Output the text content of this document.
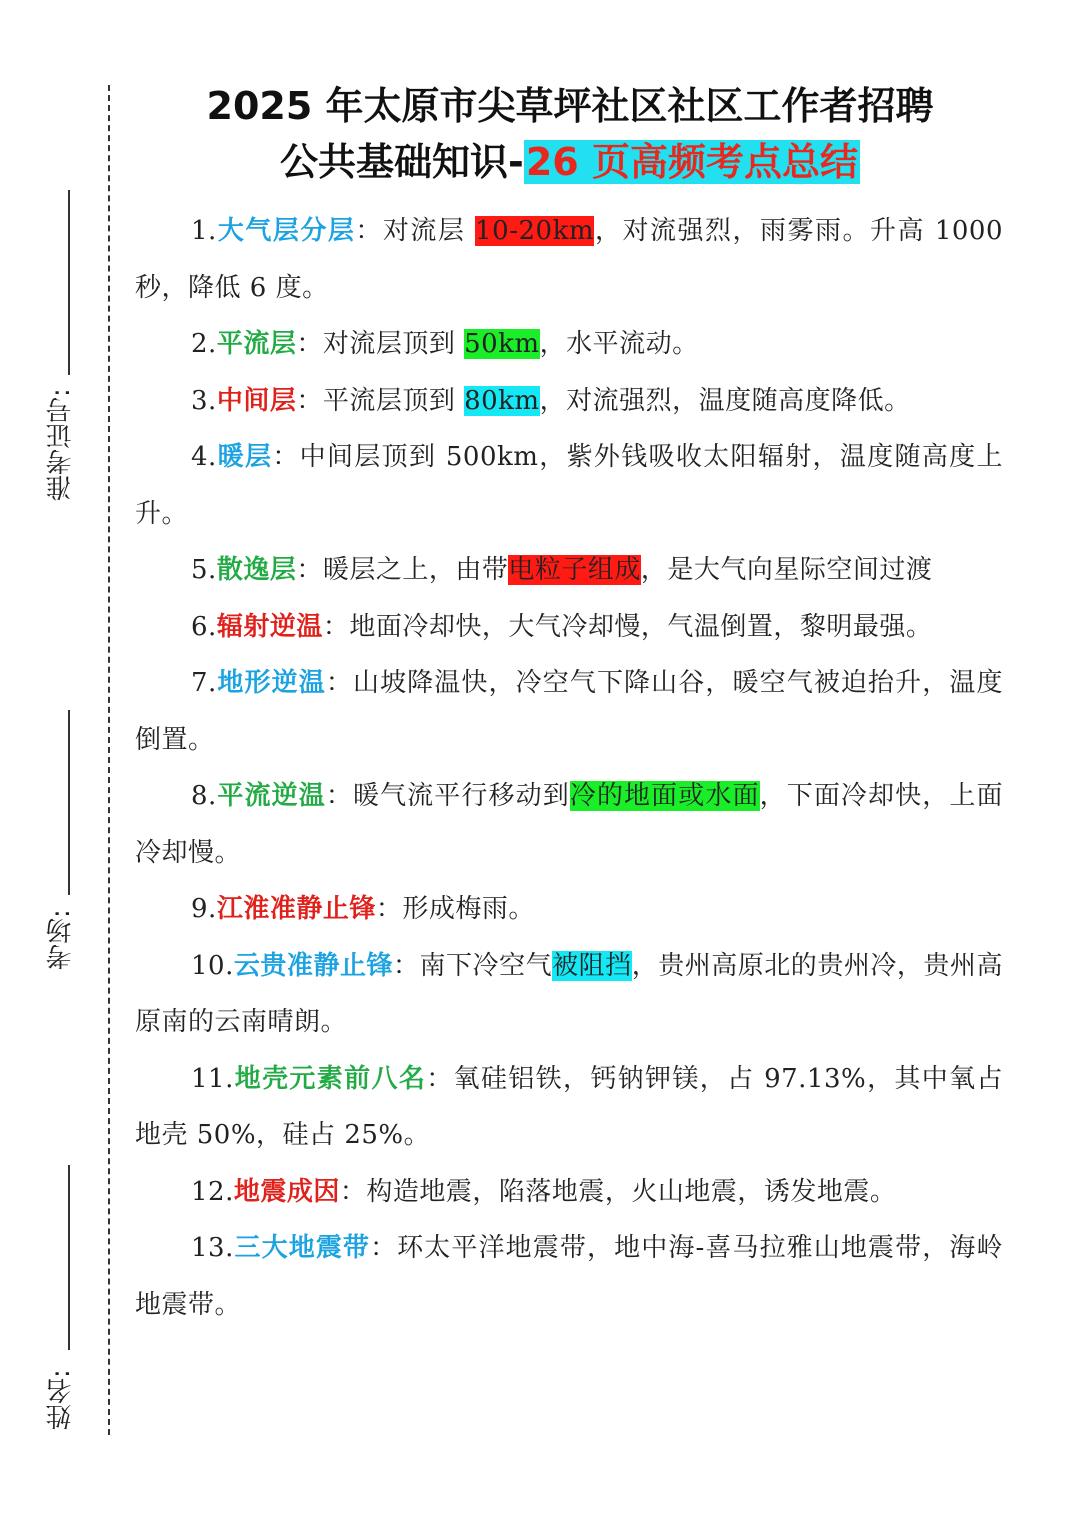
准考证号:
考场:
姓名:
2025 年太原市尖草坪社区社区工作者招聘
公共基础知识-26 页高频考点总结

1.大气层分层：对流层 10-20km，对流强烈，雨雾雨。升高 1000 秒，降低 6 度。

2.平流层：对流层顶到 50km，水平流动。

3.中间层：平流层顶到 80km，对流强烈，温度随高度降低。

4.暖层：中间层顶到 500km，紫外钱吸收太阳辐射，温度随高度上升。

5.散逸层：暖层之上，由带电粒子组成，是大气向星际空间过渡

6.辐射逆温：地面冷却快，大气冷却慢，气温倒置，黎明最强。

7.地形逆温：山坡降温快，冷空气下降山谷，暖空气被迫抬升，温度倒置。

8.平流逆温：暖气流平行移动到冷的地面或水面，下面冷却快，上面冷却慢。

9.江淮准静止锋：形成梅雨。

10.云贵准静止锋：南下冷空气被阻挡，贵州高原北的贵州冷，贵州高原南的云南晴朗。

11.地壳元素前八名：氧硅铝铁，钙钠钾镁，占 97.13%，其中氧占地壳 50%，硅占 25%。

12.地震成因：构造地震，陷落地震，火山地震，诱发地震。

13.三大地震带：环太平洋地震带，地中海-喜马拉雅山地震带，海岭地震带。
